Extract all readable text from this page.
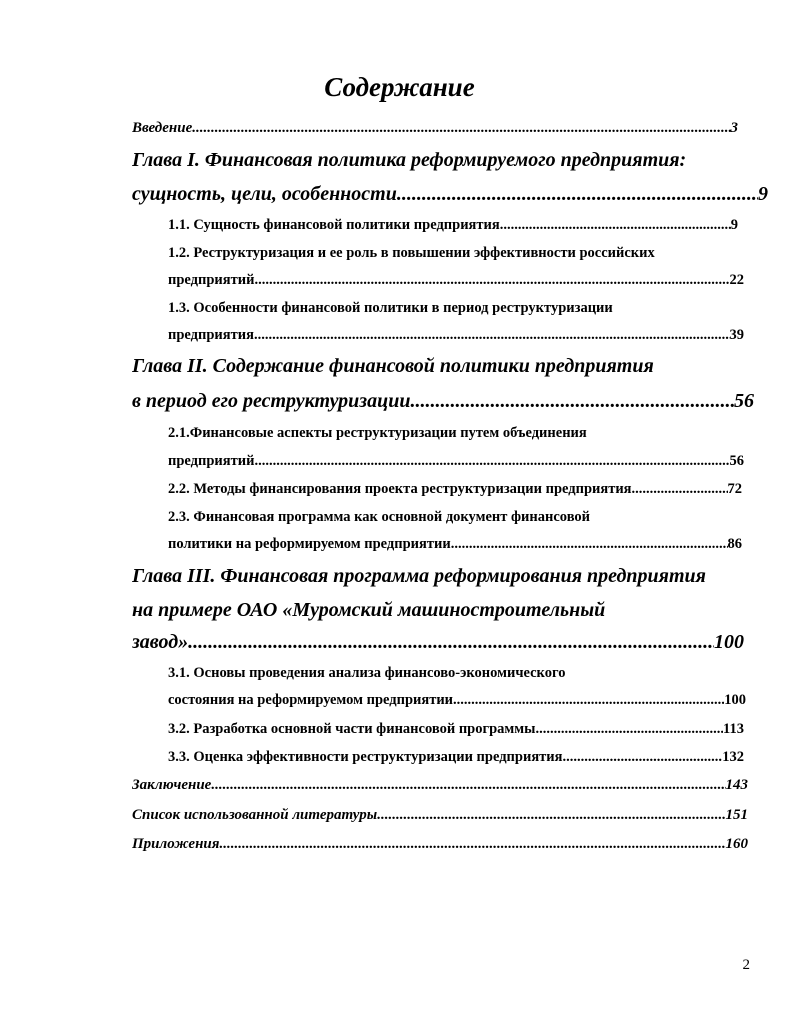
Содержание
Введение .....	3
Глава I. Финансовая политика реформируемого предприятия:
сущность, цели, особенности .....	9
1.1. Сущность финансовой политики предприятия .....	9
1.2. Реструктуризация и ее роль в повышении эффективности российских
предприятий .....	22
1.3. Особенности финансовой политики в период реструктуризации
предприятия .....	39
Глава II. Содержание финансовой политики предприятия
в период его реструктуризации .....	56
2.1.Финансовые аспекты реструктуризации путем объединения
предприятий .....	56
2.2. Методы финансирования проекта реструктуризации предприятия .....	72
2.3. Финансовая программа как основной документ финансовой
политики на реформируемом предприятии .....	86
Глава III. Финансовая программа реформирования предприятия
на примере ОАО «Муромский машиностроительный
завод» .....	100
3.1. Основы проведения анализа финансово-экономического
состояния на реформируемом предприятии .....	100
3.2. Разработка основной части финансовой программы .....	113
3.3. Оценка эффективности реструктуризации предприятия .....	132
Заключение .....	143
Список использованной литературы .....	151
Приложения .....	160
2
